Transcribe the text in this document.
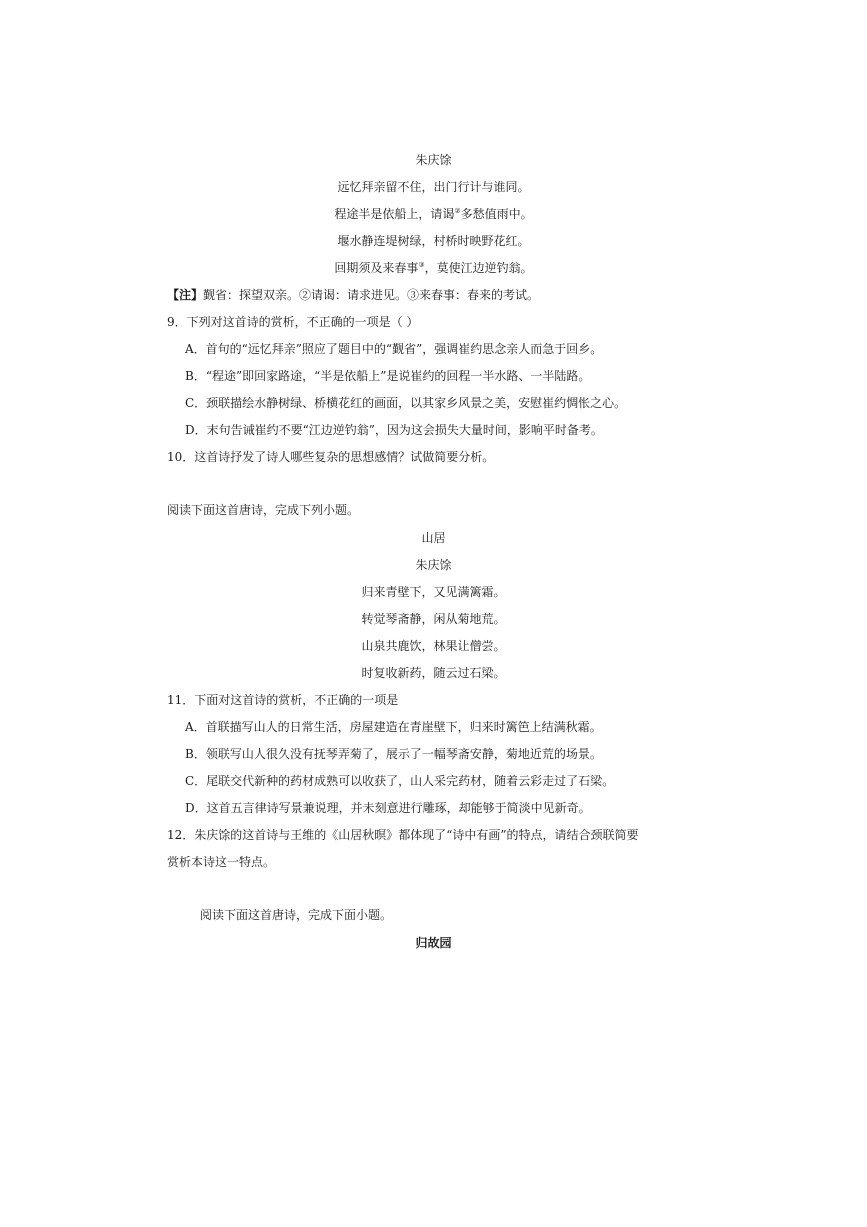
朱庆馀
远忆拜亲留不住，出门行计与谁同。
程途半是依船上，请谒②多愁值雨中。
堰水静连堤树绿，村桥时映野花红。
回期须及来春事③，莫使江边逆钓翁。
【注】觐省：探望双亲。②请谒：请求进见。③来春事：春来的考试。
9．下列对这首诗的赏析，不正确的一项是（ ）
A．首句的“远忆拜亲”照应了题目中的“觐省”，强调崔约思念亲人而急于回乡。
B．“程途”即回家路途，“半是依船上”是说崔约的回程一半水路、一半陆路。
C．颈联描绘水静树绿、桥横花红的画面，以其家乡风景之美，安慰崔约惆怅之心。
D．末句告诫崔约不要“江边逆钓翁”，因为这会损失大量时间，影响平时备考。
10．这首诗抒发了诗人哪些复杂的思想感情？试做简要分析。
阅读下面这首唐诗，完成下列小题。
山居
朱庆馀
归来青壁下，又见满篱霜。
转觉琴斋静，闲从菊地荒。
山泉共鹿饮，林果让僧尝。
时复收新药，随云过石梁。
11．下面对这首诗的赏析，不正确的一项是
A．首联描写山人的日常生活，房屋建造在青崖壁下，归来时篱笆上结满秋霜。
B．领联写山人很久没有抚琴弄菊了，展示了一幅琴斋安静，菊地近荒的场景。
C．尾联交代新种的药材成熟可以收获了，山人采完药材，随着云彩走过了石梁。
D．这首五言律诗写景兼说理，并未刻意进行雕琢，却能够于简淡中见新奇。
12．朱庆馀的这首诗与王维的《山居秋暝》都体现了“诗中有画”的特点，请结合颈联简要
赏析本诗这一特点。
阅读下面这首唐诗，完成下面小题。
归故园
